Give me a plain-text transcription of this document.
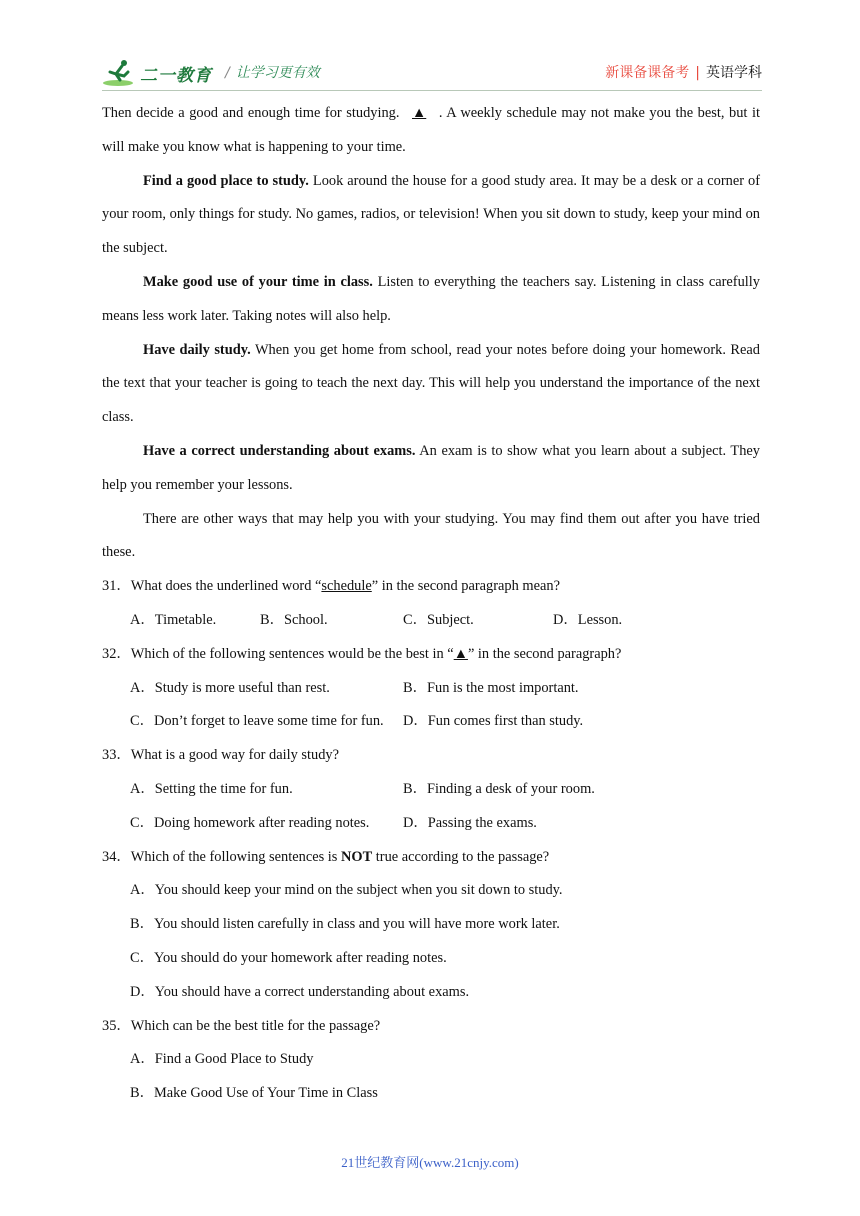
二一教育 / 让学习更有效	新课备课备考 | 英语学科

Then decide a good and enough time for studying. ▲ . A weekly schedule may not make you the best, but it will make you know what is happening to your time.

Find a good place to study. Look around the house for a good study area. It may be a desk or a corner of your room, only things for study. No games, radios, or television! When you sit down to study, keep your mind on the subject.

Make good use of your time in class. Listen to everything the teachers say. Listening in class carefully means less work later. Taking notes will also help.

Have daily study. When you get home from school, read your notes before doing your homework. Read the text that your teacher is going to teach the next day. This will help you understand the importance of the next class.

Have a correct understanding about exams. An exam is to show what you learn about a subject. They help you remember your lessons.

There are other ways that may help you with your studying. You may find them out after you have tried these.

31．What does the underlined word “schedule” in the second paragraph mean?

A．Timetable.	B．School.	C．Subject.	D．Lesson.

32．Which of the following sentences would be the best in “▲” in the second paragraph?

A．Study is more useful than rest.	B．Fun is the most important.
C．Don’t forget to leave some time for fun.	D．Fun comes first than study.

33．What is a good way for daily study?

A．Setting the time for fun.	B．Finding a desk of your room.
C．Doing homework after reading notes.	D．Passing the exams.

34．Which of the following sentences is NOT true according to the passage?

A．You should keep your mind on the subject when you sit down to study.

B．You should listen carefully in class and you will have more work later.

C．You should do your homework after reading notes.

D．You should have a correct understanding about exams.

35．Which can be the best title for the passage?

A．Find a Good Place to Study

B．Make Good Use of Your Time in Class

21世纪教育网(www.21cnjy.com)
